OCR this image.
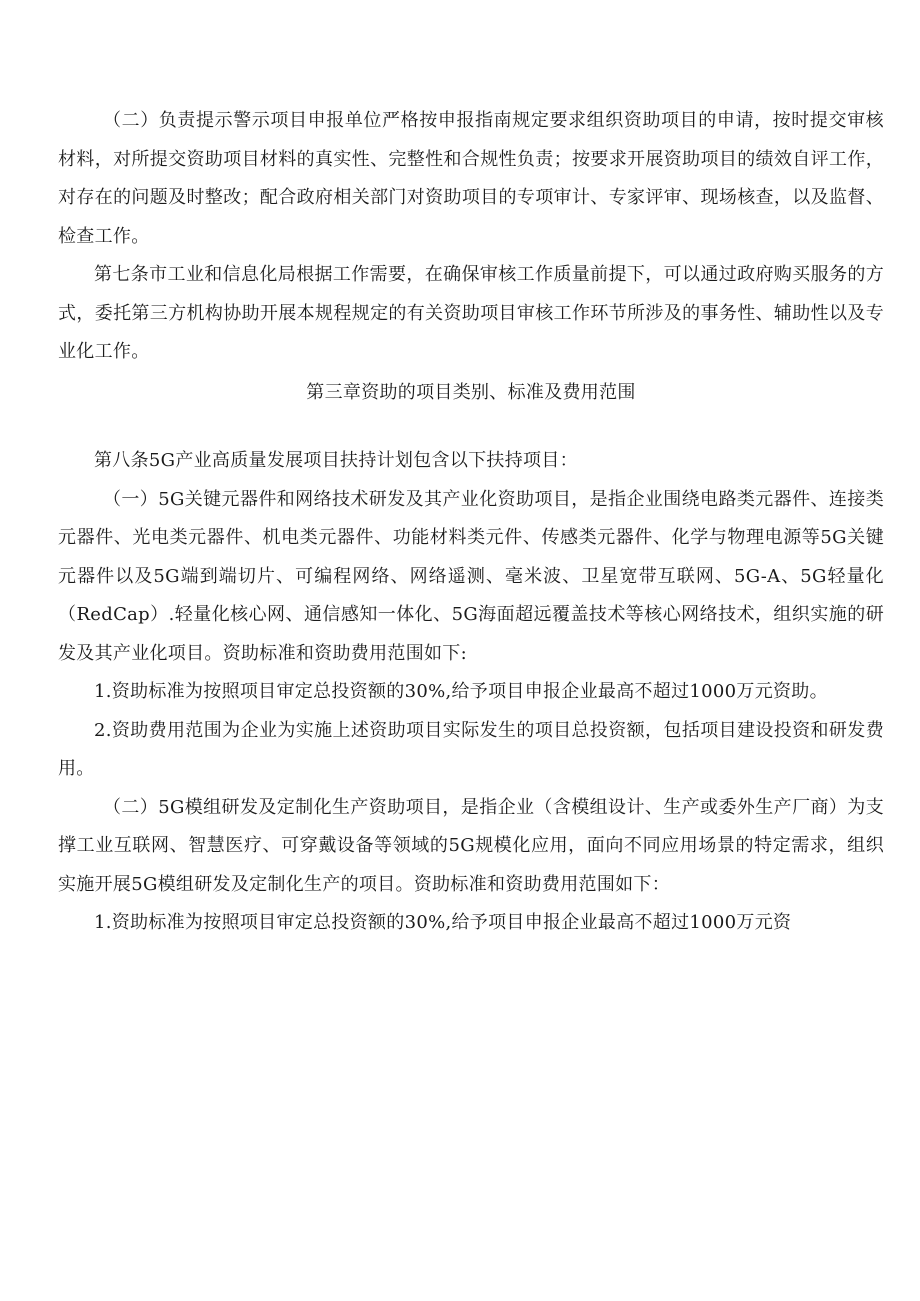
（二）负责提示警示项目申报单位严格按申报指南规定要求组织资助项目的申请，按时提交审核材料，对所提交资助项目材料的真实性、完整性和合规性负责；按要求开展资助项目的绩效自评工作，对存在的问题及时整改；配合政府相关部门对资助项目的专项审计、专家评审、现场核查，以及监督、检查工作。

第七条市工业和信息化局根据工作需要，在确保审核工作质量前提下，可以通过政府购买服务的方式，委托第三方机构协助开展本规程规定的有关资助项目审核工作环节所涉及的事务性、辅助性以及专业化工作。

第三章资助的项目类别、标准及费用范围

第八条5G产业高质量发展项目扶持计划包含以下扶持项目：

（一）5G关键元器件和网络技术研发及其产业化资助项目，是指企业围绕电路类元器件、连接类元器件、光电类元器件、机电类元器件、功能材料类元件、传感类元器件、化学与物理电源等5G关键元器件以及5G端到端切片、可编程网络、网络遥测、毫米波、卫星宽带互联网、5G-A、5G轻量化（RedCap）.轻量化核心网、通信感知一体化、5G海面超远覆盖技术等核心网络技术，组织实施的研发及其产业化项目。资助标准和资助费用范围如下:

1.资助标准为按照项目审定总投资额的30%,给予项目申报企业最高不超过1000万元资助。

2.资助费用范围为企业为实施上述资助项目实际发生的项目总投资额，包括项目建设投资和研发费用。

（二）5G模组研发及定制化生产资助项目，是指企业（含模组设计、生产或委外生产厂商）为支撑工业互联网、智慧医疗、可穿戴设备等领域的5G规模化应用，面向不同应用场景的特定需求，组织实施开展5G模组研发及定制化生产的项目。资助标准和资助费用范围如下：

1.资助标准为按照项目审定总投资额的30%,给予项目申报企业最高不超过1000万元资
